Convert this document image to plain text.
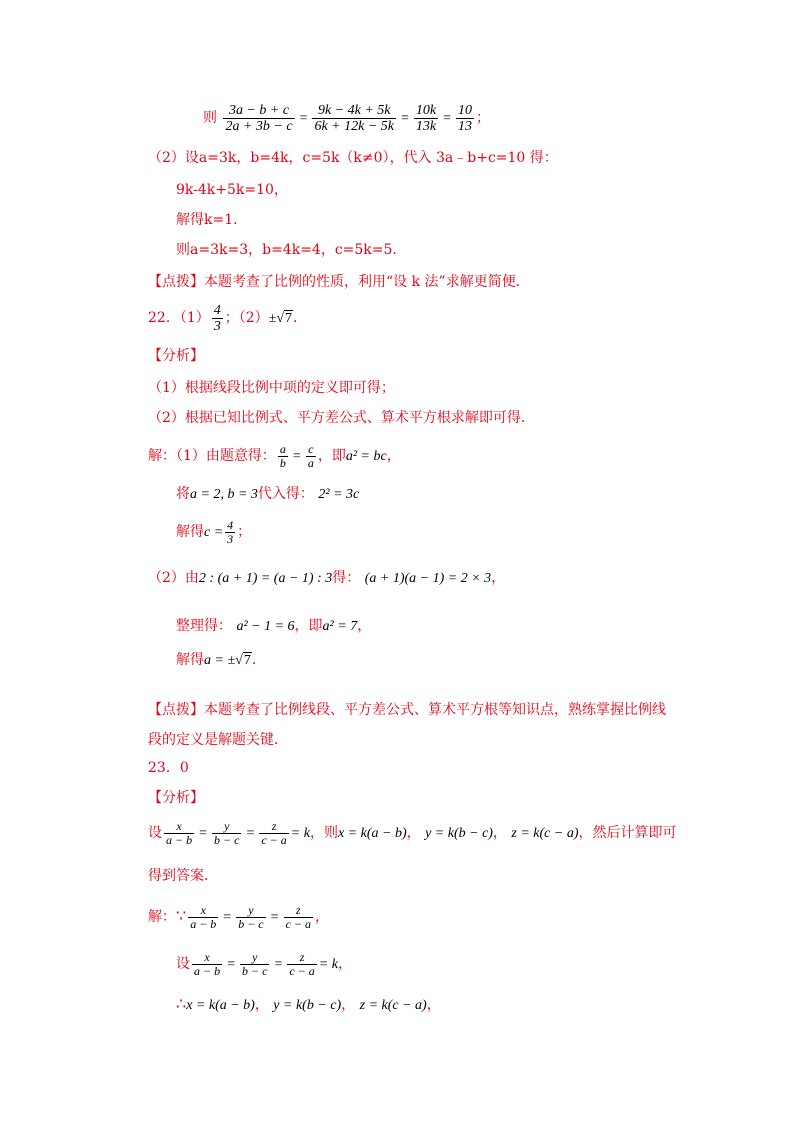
则 $\frac{3a - b + c}{2a + 3b - c} = \frac{9k - 4k + 5k}{6k + 12k - 5k} = \frac{10k}{13k} = \frac{10}{13}$ ；
（2）设a=3k，b=4k，c=5k（k≠0），代入 3a﹣b+c=10 得：
9k-4k+5k=10，
解得k=1.
则a=3k=3，b=4k=4，c=5k=5.
【点拨】本题考查了比例的性质，利用“设 k 法”求解更简便．
22．$(1) \frac{4}{3}$ ；（2）±√7．
【分析】
（1）根据线段比例中项的定义即可得；
（2）根据已知比例式、平方差公式、算术平方根求解即可得．
解：（1）由题意得： $\frac{a}{b} = \frac{c}{a}$ ，即a² = bc，
将a = 2, b = 3代入得： 2² = 3c
解得$c = \frac{4}{3}$ ；
（2）由2 : (a + 1) = (a − 1) : 3得： (a + 1)(a − 1) = 2 × 3，
整理得： a² − 1 = 6，即a² = 7，
解得a = ±√7.
【点拨】本题考查了比例线段、平方差公式、算术平方根等知识点，熟练掌握比例线
段的定义是解题关键．
23．0
【分析】
设 $\frac{x}{a - b} = \frac{y}{b - c} = \frac{z}{c - a} = k$，则x = k(a − b)， y = k(b − c)， z = k(c − a)，然后计算即可
得到答案．
解：∵ $\frac{x}{a - b} = \frac{y}{b - c} = \frac{z}{c - a}$ ，
设 $\frac{x}{a - b} = \frac{y}{b - c} = \frac{z}{c - a} = k$，
∴x = k(a − b)， y = k(b − c)， z = k(c − a)，
